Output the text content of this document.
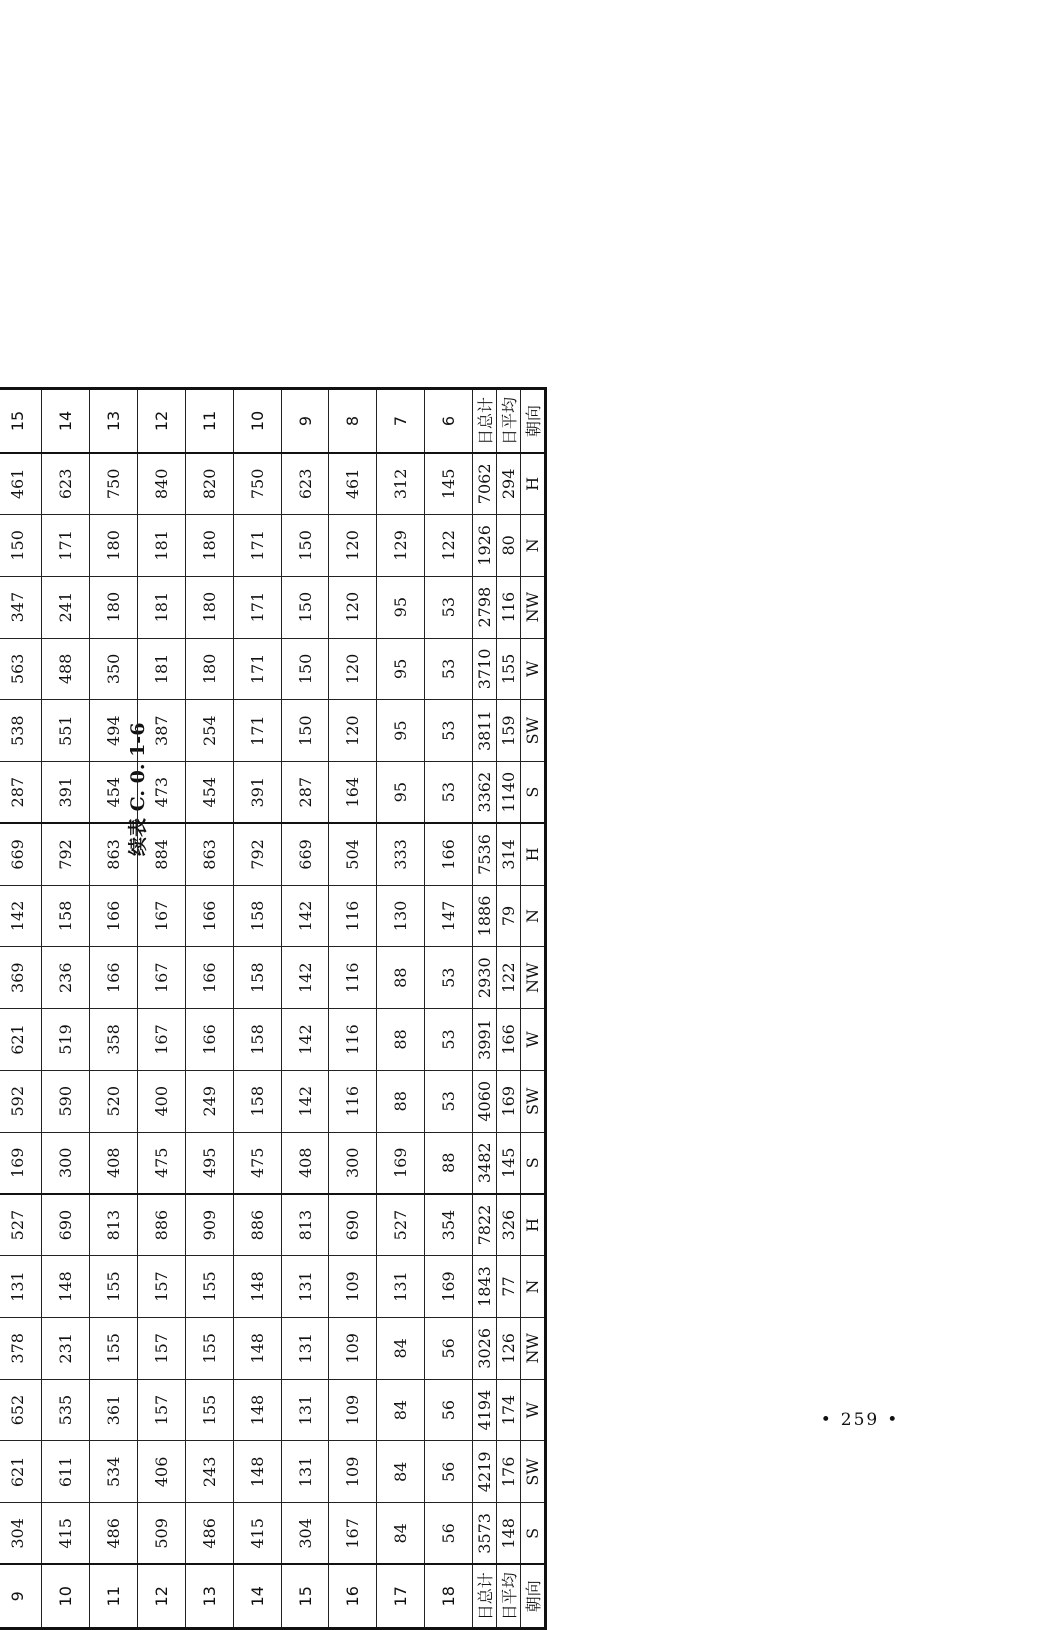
续表 C. 0. 1-6

9	304	621	652	378	131	527	169	592	621	369	142	669	287	538	563	347	150	461	15
10	415	611	535	231	148	690	300	590	519	236	158	792	391	551	488	241	171	623	14
11	486	534	361	155	155	813	408	520	358	166	166	863	454	494	350	180	180	750	13
12	509	406	157	157	157	886	475	400	167	167	167	884	473	387	181	181	181	840	12
13	486	243	155	155	155	909	495	249	166	166	166	863	454	254	180	180	180	820	11
14	415	148	148	148	148	886	475	158	158	158	158	792	391	171	171	171	171	750	10
15	304	131	131	131	131	813	408	142	142	142	142	669	287	150	150	150	150	623	9
16	167	109	109	109	109	690	300	116	116	116	116	504	164	120	120	120	120	461	8
17	84	84	84	84	131	527	169	88	88	88	130	333	95	95	95	95	129	312	7
18	56	56	56	56	169	354	88	53	53	53	147	166	53	53	53	53	122	145	6
日总计	3573	4219	4194	3026	1843	7822	3482	4060	3991	2930	1886	7536	3362	3811	3710	2798	1926	7062	日总计
日平均	148	176	174	126	77	326	145	169	166	122	79	314	1140	159	155	116	80	294	日平均
朝向	S	SW	W	NW	N	H	S	SW	W	NW	N	H	S	SW	W	NW	N	H	朝向
• 259 •
